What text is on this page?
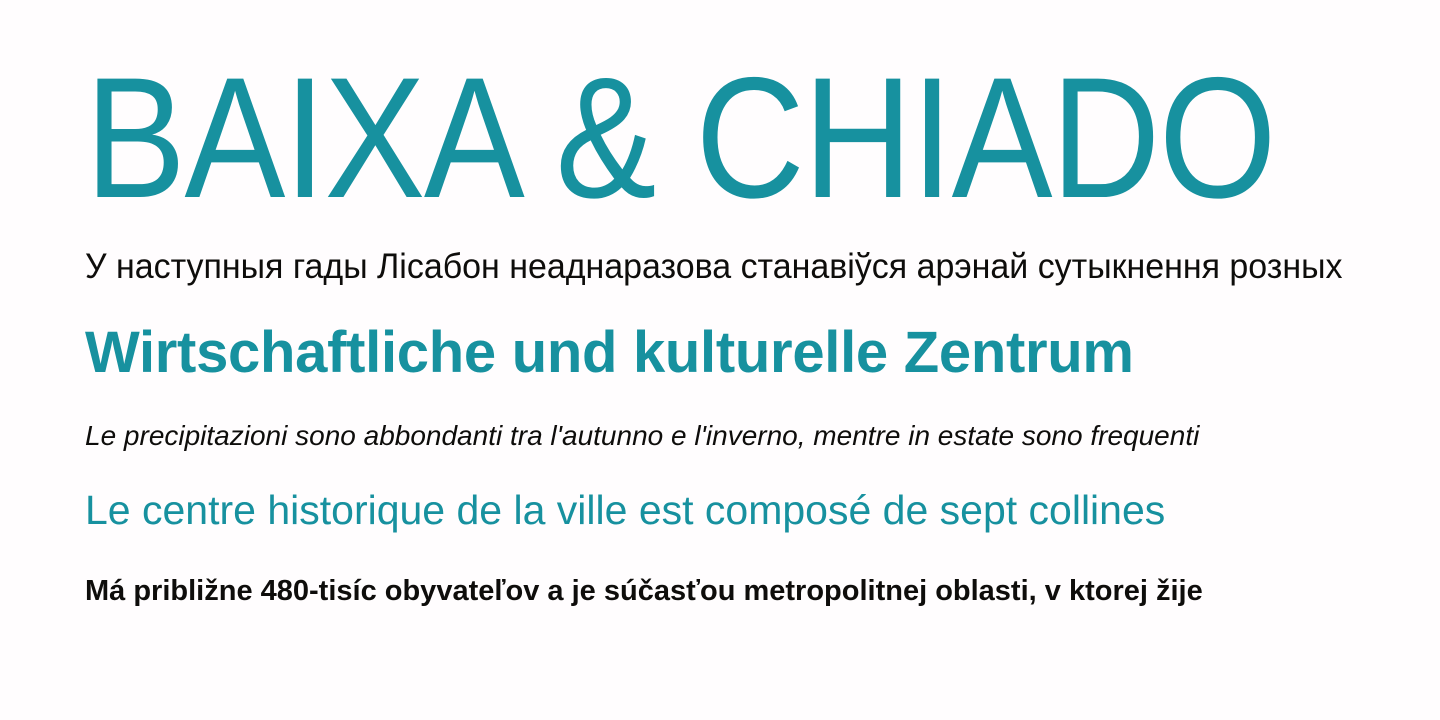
BAIXA & CHIADO
У наступныя гады Лісабон неаднаразова станавіўся арэнай сутыкнення розных
Wirtschaftliche und kulturelle Zentrum
Le precipitazioni sono abbondanti tra l'autunno e l'inverno, mentre in estate sono frequenti
Le centre historique de la ville est composé de sept collines
Má približne 480-tisíc obyvateľov a je súčasťou metropolitnej oblasti, v ktorej žije
